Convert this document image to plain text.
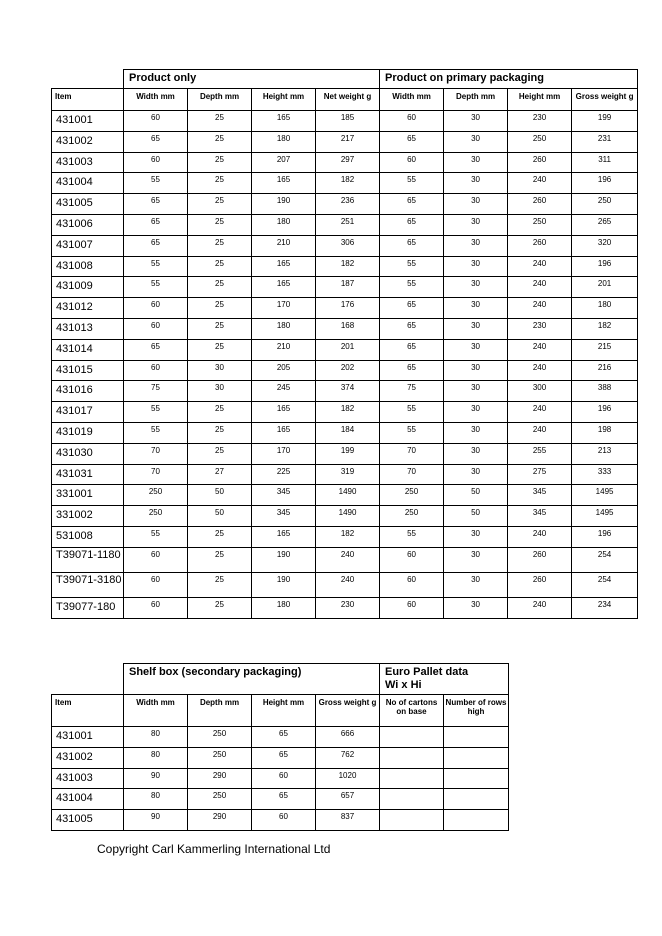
	Product only				Product on primary packaging			
Item	Width mm	Depth mm	Height mm	Net weight g	Width mm	Depth mm	Height mm	Gross weight g
431001	60	25	165	185	60	30	230	199
431002	65	25	180	217	65	30	250	231
431003	60	25	207	297	60	30	260	311
431004	55	25	165	182	55	30	240	196
431005	65	25	190	236	65	30	260	250
431006	65	25	180	251	65	30	250	265
431007	65	25	210	306	65	30	260	320
431008	55	25	165	182	55	30	240	196
431009	55	25	165	187	55	30	240	201
431012	60	25	170	176	65	30	240	180
431013	60	25	180	168	65	30	230	182
431014	65	25	210	201	65	30	240	215
431015	60	30	205	202	65	30	240	216
431016	75	30	245	374	75	30	300	388
431017	55	25	165	182	55	30	240	196
431019	55	25	165	184	55	30	240	198
431030	70	25	170	199	70	30	255	213
431031	70	27	225	319	70	30	275	333
331001	250	50	345	1490	250	50	345	1495
331002	250	50	345	1490	250	50	345	1495
531008	55	25	165	182	55	30	240	196
T39071-1180	60	25	190	240	60	30	260	254
T39071-3180	60	25	190	240	60	30	260	254
T39077-180	60	25	180	230	60	30	240	234
	Shelf box (secondary packaging)				Euro Pallet data
Wi x Hi	
Item	Width mm	Depth mm	Height mm	Gross weight g	No of cartons on base	Number of rows high
431001	80	250	65	666		
431002	80	250	65	762		
431003	90	290	60	1020		
431004	80	250	65	657		
431005	90	290	60	837		
Copyright Carl Kammerling International Ltd
